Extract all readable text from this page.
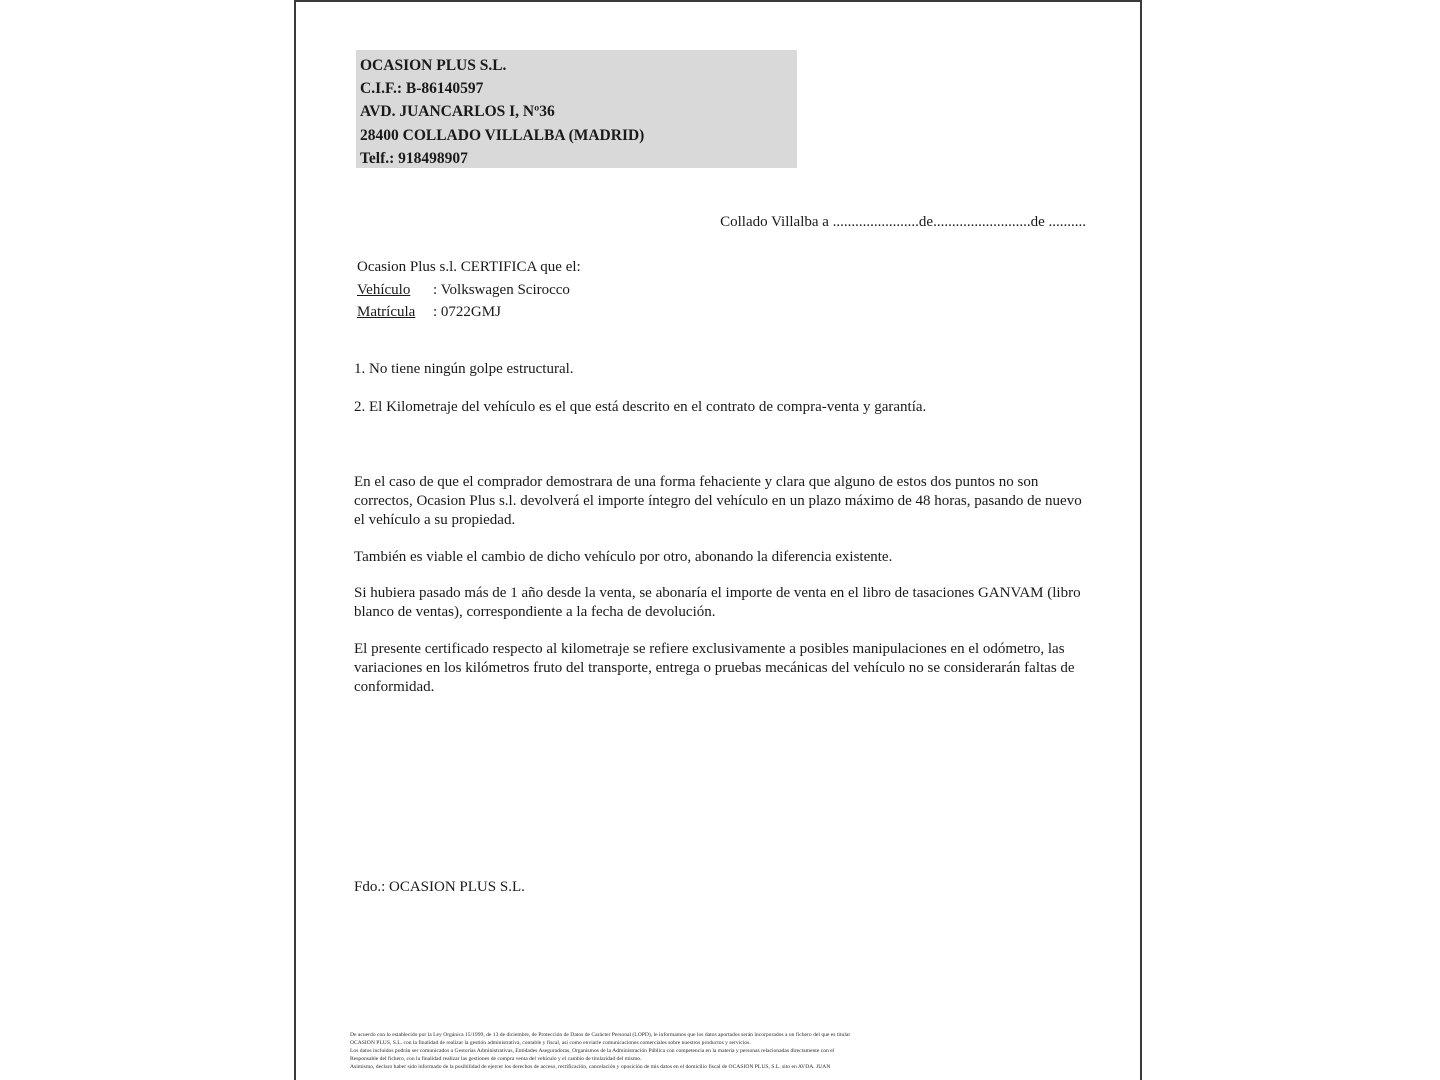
OCASION PLUS S.L.
C.I.F.: B-86140597
AVD. JUANCARLOS I, Nº36
28400 COLLADO VILLALBA (MADRID)
Telf.: 918498907
Collado Villalba a .......................de..........................de ..........
Ocasion Plus s.l. CERTIFICA que el:
Vehículo : Volkswagen Scirocco
Matrícula : 0722GMJ
1. No tiene ningún golpe estructural.
2. El Kilometraje del vehículo es el que está descrito en el contrato de compra-venta y garantía.
En el caso de que el comprador demostrara de una forma fehaciente y clara que alguno de estos dos puntos no son correctos, Ocasion Plus s.l. devolverá el importe íntegro del vehículo en un plazo máximo de 48 horas, pasando de nuevo el vehículo a su propiedad.
También es viable el cambio de dicho vehículo por otro, abonando la diferencia existente.
Si hubiera pasado más de 1 año desde la venta, se abonaría el importe de venta en el libro de tasaciones GANVAM (libro blanco de ventas), correspondiente a la fecha de devolución.
El presente certificado respecto al kilometraje se refiere exclusivamente a posibles manipulaciones en el odómetro, las variaciones en los kilómetros fruto del transporte, entrega o pruebas mecánicas del vehículo no se considerarán faltas de conformidad.
Fdo.: OCASION PLUS S.L.
De acuerdo con lo establecido por la Ley Orgánica 15/1999, de 13 de diciembre, de Protección de Datos de Carácter Personal (LOPD), le informamos que los datos aportados serán incorporados a un fichero del que es titular
OCASIÓN PLUS, S.L. con la finalidad de realizar la gestión administrativa, contable y fiscal, así como enviarle comunicaciones comerciales sobre nuestros productos y servicios.
Los datos incluidos podrán ser comunicados a Gestorías Administrativas, Entidades Aseguradoras, Organismos de la Administración Pública con competencia en la materia y personas relacionadas directamente con el
Responsable del fichero, con la finalidad realizar las gestiones de compra venta del vehículo y el cambio de titularidad del mismo.
Asimismo, declaro haber sido informado de la posibilidad de ejercer los derechos de acceso, rectificación, cancelación y oposición de mis datos en el domicilio fiscal de OCASIÓN PLUS, S.L. sito en AVDA. JUAN
